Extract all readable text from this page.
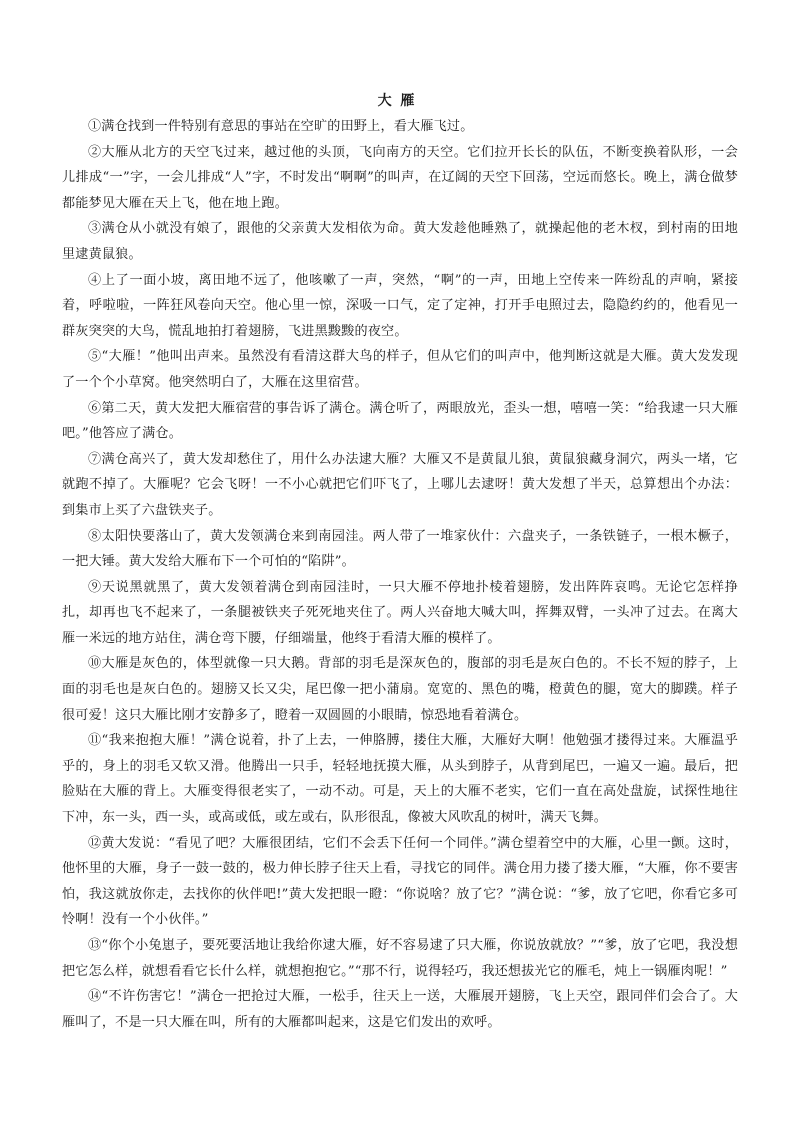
大 雁

①满仓找到一件特别有意思的事站在空旷的田野上，看大雁飞过。

②大雁从北方的天空飞过来，越过他的头顶，飞向南方的天空。它们拉开长长的队伍，不断变换着队形，一会儿排成“一”字，一会儿排成“人”字，不时发出“啊啊”的叫声，在辽阔的天空下回荡，空远而悠长。晚上，满仓做梦都能梦见大雁在天上飞，他在地上跑。

③满仓从小就没有娘了，跟他的父亲黄大发相依为命。黄大发趁他睡熟了，就操起他的老木杈，到村南的田地里逮黄鼠狼。

④上了一面小坡，离田地不远了，他咳嗽了一声，突然，“啊”的一声，田地上空传来一阵纷乱的声响，紧接着，呼啦啦，一阵狂风卷向天空。他心里一惊，深吸一口气，定了定神，打开手电照过去，隐隐约约的，他看见一群灰突突的大鸟，慌乱地拍打着翅膀，飞进黑黢黢的夜空。

⑤“大雁！”他叫出声来。虽然没有看清这群大鸟的样子，但从它们的叫声中，他判断这就是大雁。黄大发发现了一个个小草窝。他突然明白了，大雁在这里宿营。

⑥第二天，黄大发把大雁宿营的事告诉了满仓。满仓听了，两眼放光，歪头一想，嘻嘻一笑：“给我逮一只大雁吧。”他答应了满仓。

⑦满仓高兴了，黄大发却愁住了，用什么办法逮大雁？大雁又不是黄鼠儿狼，黄鼠狼藏身洞穴，两头一堵，它就跑不掉了。大雁呢？它会飞呀！一不小心就把它们吓飞了，上哪儿去逮呀！黄大发想了半天，总算想出个办法：到集市上买了六盘铁夹子。

⑧太阳快要落山了，黄大发领满仓来到南园洼。两人带了一堆家伙什：六盘夹子，一条铁链子，一根木橛子，一把大锤。黄大发给大雁布下一个可怕的“陷阱”。

⑨天说黑就黑了，黄大发领着满仓到南园洼时，一只大雁不停地扑棱着翅膀，发出阵阵哀鸣。无论它怎样挣扎，却再也飞不起来了，一条腿被铁夹子死死地夹住了。两人兴奋地大喊大叫，挥舞双臂，一头冲了过去。在离大雁一米远的地方站住，满仓弯下腰，仔细端量，他终于看清大雁的模样了。

⑩大雁是灰色的，体型就像一只大鹅。背部的羽毛是深灰色的，腹部的羽毛是灰白色的。不长不短的脖子，上面的羽毛也是灰白色的。翅膀又长又尖，尾巴像一把小蒲扇。宽宽的、黑色的嘴，橙黄色的腿，宽大的脚蹼。样子很可爱！这只大雁比刚才安静多了，瞪着一双圆圆的小眼睛，惊恐地看着满仓。

⑪“我来抱抱大雁！”满仓说着，扑了上去，一伸胳膊，搂住大雁，大雁好大啊！他勉强才搂得过来。大雁温乎乎的，身上的羽毛又软又滑。他腾出一只手，轻轻地抚摸大雁，从头到脖子，从背到尾巴，一遍又一遍。最后，把脸贴在大雁的背上。大雁变得很老实了，一动不动。可是，天上的大雁不老实，它们一直在高处盘旋，试探性地往下冲，东一头，西一头，或高或低，或左或右，队形很乱，像被大风吹乱的树叶，满天飞舞。

⑫黄大发说：“看见了吧？大雁很团结，它们不会丢下任何一个同伴。”满仓望着空中的大雁，心里一颤。这时，他怀里的大雁，身子一鼓一鼓的，极力伸长脖子往天上看，寻找它的同伴。满仓用力搂了搂大雁，“大雁，你不要害怕，我这就放你走，去找你的伙伴吧!”黄大发把眼一瞪：“你说啥？放了它？”满仓说：“爹，放了它吧，你看它多可怜啊！没有一个小伙伴。”

⑬“你个小兔崽子，要死要活地让我给你逮大雁，好不容易逮了只大雁，你说放就放？”“爹，放了它吧，我没想把它怎么样，就想看看它长什么样，就想抱抱它。”“那不行，说得轻巧，我还想拔光它的雁毛，炖上一锅雁肉呢！”

⑭“不许伤害它！”满仓一把抢过大雁，一松手，往天上一送，大雁展开翅膀，飞上天空，跟同伴们会合了。大雁叫了，不是一只大雁在叫，所有的大雁都叫起来，这是它们发出的欢呼。
